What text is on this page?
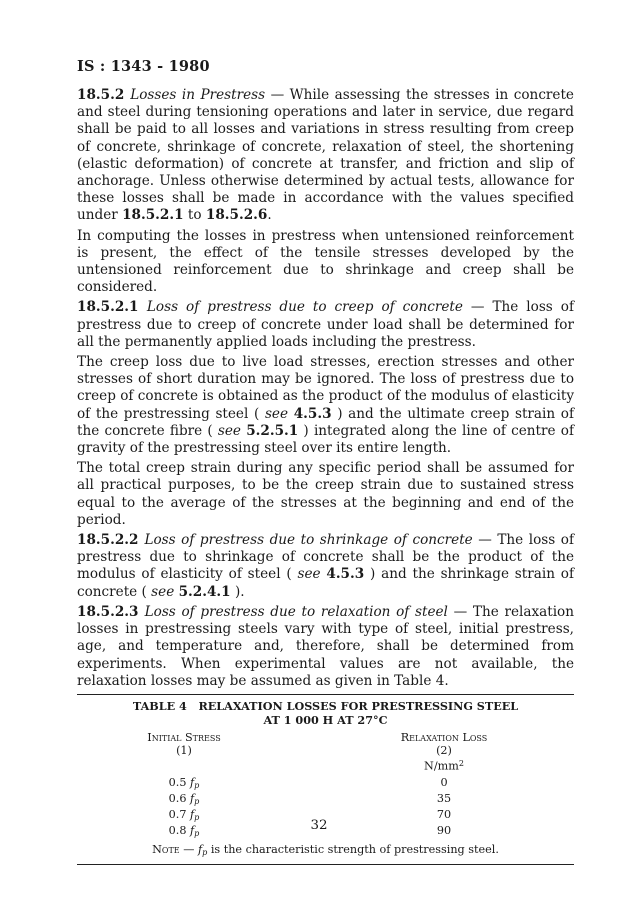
IS : 1343 - 1980

18.5.2 Losses in Prestress — While assessing the stresses in concrete and steel during tensioning operations and later in service, due regard shall be paid to all losses and variations in stress resulting from creep of concrete, shrinkage of concrete, relaxation of steel, the shortening (elastic deformation) of concrete at transfer, and friction and slip of anchorage. Unless otherwise determined by actual tests, allowance for these losses shall be made in accordance with the values specified under 18.5.2.1 to 18.5.2.6.

In computing the losses in prestress when untensioned reinforcement is present, the effect of the tensile stresses developed by the untensioned reinforcement due to shrinkage and creep shall be considered.

18.5.2.1 Loss of prestress due to creep of concrete — The loss of prestress due to creep of concrete under load shall be determined for all the permanently applied loads including the prestress.

The creep loss due to live load stresses, erection stresses and other stresses of short duration may be ignored. The loss of prestress due to creep of concrete is obtained as the product of the modulus of elasticity of the prestressing steel ( see 4.5.3 ) and the ultimate creep strain of the concrete fibre ( see 5.2.5.1 ) integrated along the line of centre of gravity of the prestressing steel over its entire length.

The total creep strain during any specific period shall be assumed for all practical purposes, to be the creep strain due to sustained stress equal to the average of the stresses at the beginning and end of the period.

18.5.2.2 Loss of prestress due to shrinkage of concrete — The loss of prestress due to shrinkage of concrete shall be the product of the modulus of elasticity of steel ( see 4.5.3 ) and the shrinkage strain of concrete ( see 5.2.4.1 ).

18.5.2.3 Loss of prestress due to relaxation of steel — The relaxation losses in prestressing steels vary with type of steel, initial prestress, age, and temperature and, therefore, shall be determined from experiments. When experimental values are not available, the relaxation losses may be assumed as given in Table 4.

TABLE 4   RELAXATION LOSSES FOR PRESTRESSING STEEL
AT 1 000 H AT 27°C
Initial Stress
(1)
Relaxation Loss
(2)
$N/mm^2$
0.5 $f_p$	0
0.6 $f_p$	35
0.7 $f_p$	70
0.8 $f_p$	90
Note — $f_p$ is the characteristic strength of prestressing steel.
32
